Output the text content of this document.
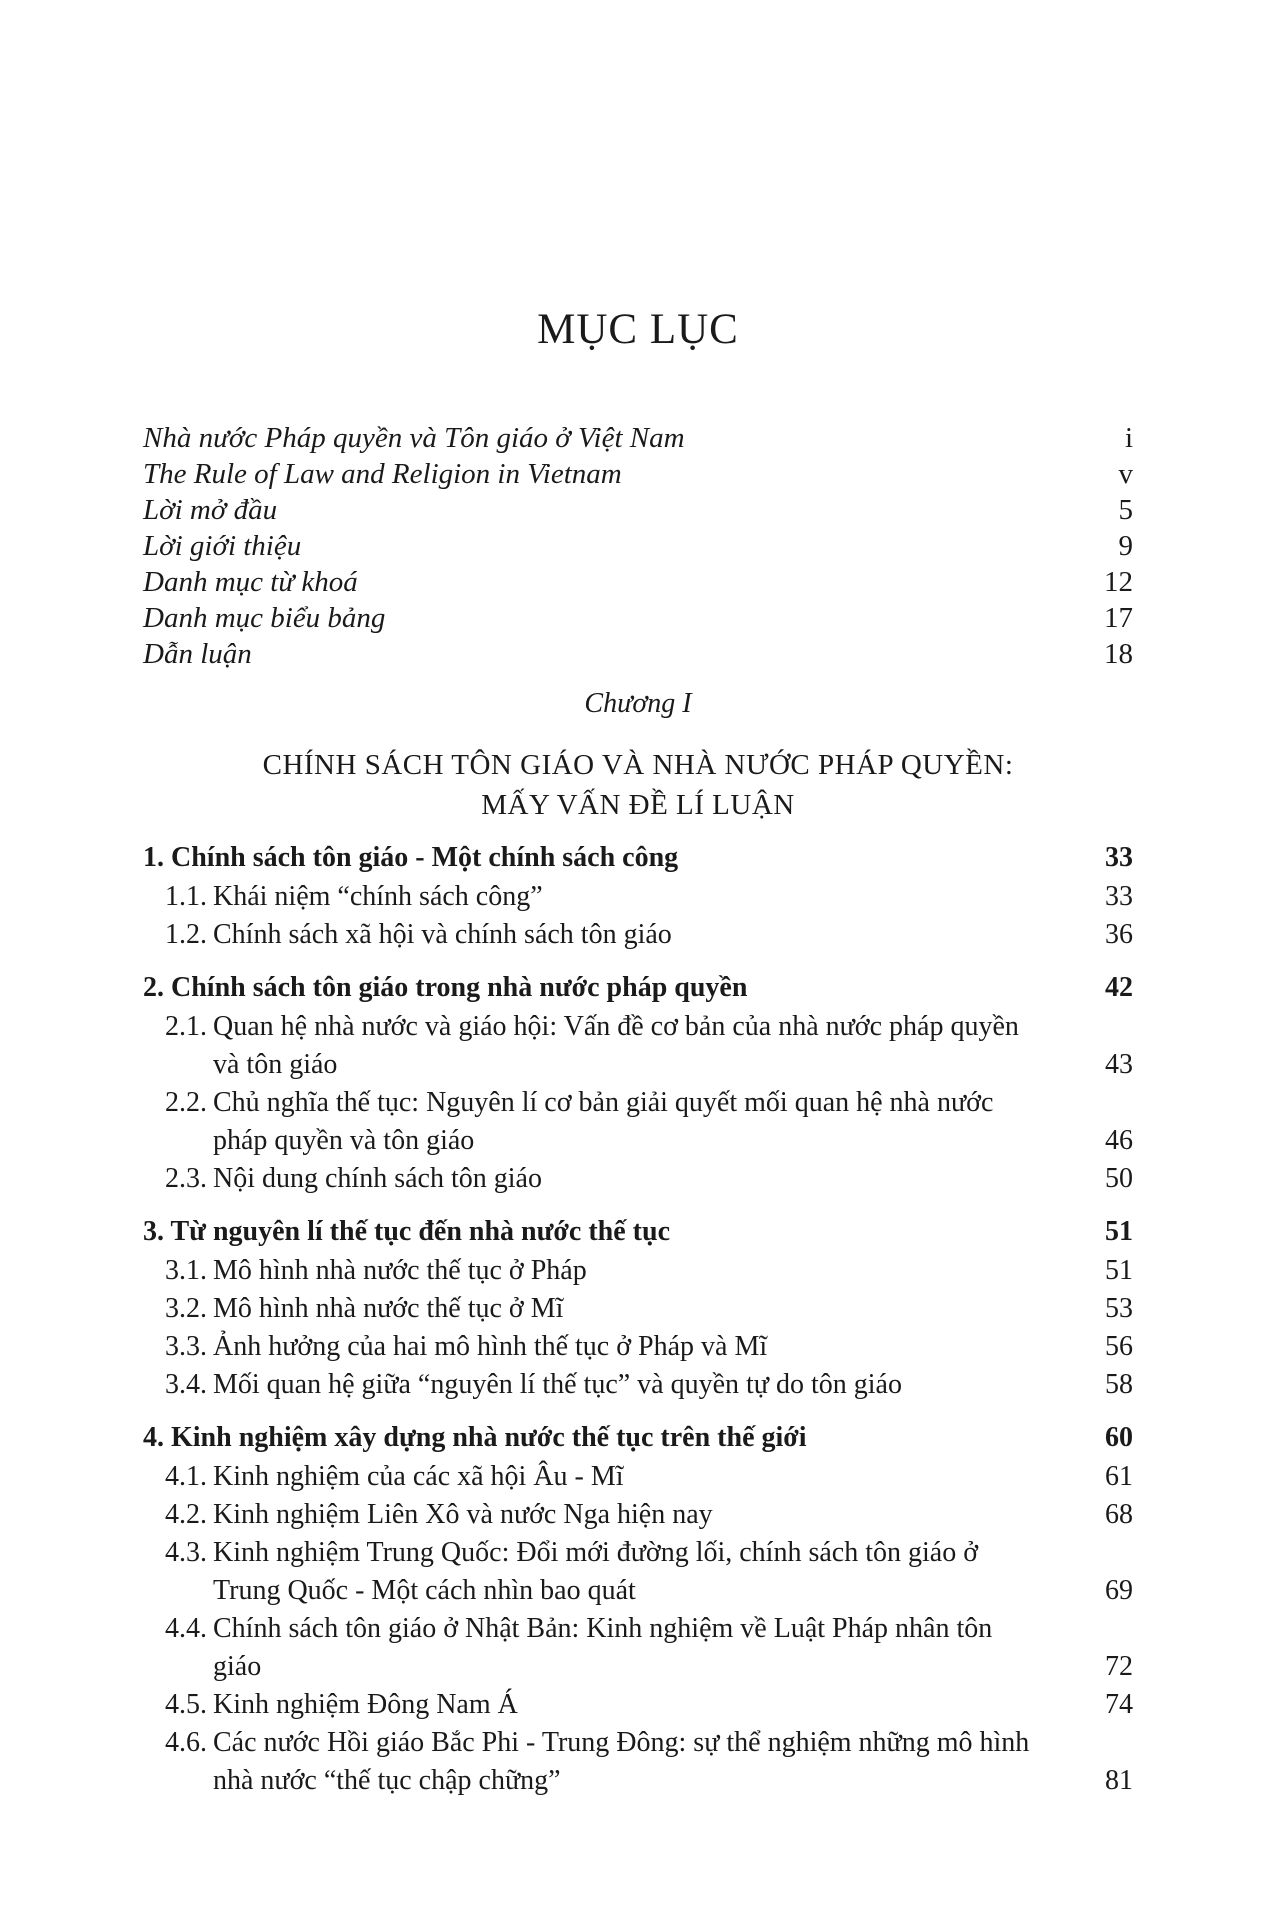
MỤC LỤC
Nhà nước Pháp quyền và Tôn giáo ở Việt Nam	i
The Rule of Law and Religion in Vietnam	v
Lời mở đầu	5
Lời giới thiệu	9
Danh mục từ khoá	12
Danh mục biểu bảng	17
Dẫn luận	18
Chương I
CHÍNH SÁCH TÔN GIÁO VÀ NHÀ NƯỚC PHÁP QUYỀN:
MẤY VẤN ĐỀ LÍ LUẬN
1. Chính sách tôn giáo - Một chính sách công	33
1.1. Khái niệm “chính sách công”	33
1.2. Chính sách xã hội và chính sách tôn giáo	36
2. Chính sách tôn giáo trong nhà nước pháp quyền	42
2.1. Quan hệ nhà nước và giáo hội: Vấn đề cơ bản của nhà nước pháp quyền và tôn giáo	43
2.2. Chủ nghĩa thế tục: Nguyên lí cơ bản giải quyết mối quan hệ nhà nước pháp quyền và tôn giáo	46
2.3. Nội dung chính sách tôn giáo	50
3. Từ nguyên lí thế tục đến nhà nước thế tục	51
3.1. Mô hình nhà nước thế tục ở Pháp	51
3.2. Mô hình nhà nước thế tục ở Mĩ	53
3.3. Ảnh hưởng của hai mô hình thế tục ở Pháp và Mĩ	56
3.4. Mối quan hệ giữa “nguyên lí thế tục” và quyền tự do tôn giáo	58
4. Kinh nghiệm xây dựng nhà nước thế tục trên thế giới	60
4.1. Kinh nghiệm của các xã hội Âu - Mĩ	61
4.2. Kinh nghiệm Liên Xô và nước Nga hiện nay	68
4.3. Kinh nghiệm Trung Quốc: Đổi mới đường lối, chính sách tôn giáo ở Trung Quốc - Một cách nhìn bao quát	69
4.4. Chính sách tôn giáo ở Nhật Bản: Kinh nghiệm về Luật Pháp nhân tôn giáo	72
4.5. Kinh nghiệm Đông Nam Á	74
4.6. Các nước Hồi giáo Bắc Phi - Trung Đông: sự thể nghiệm những mô hình nhà nước “thế tục chập chững”	81
